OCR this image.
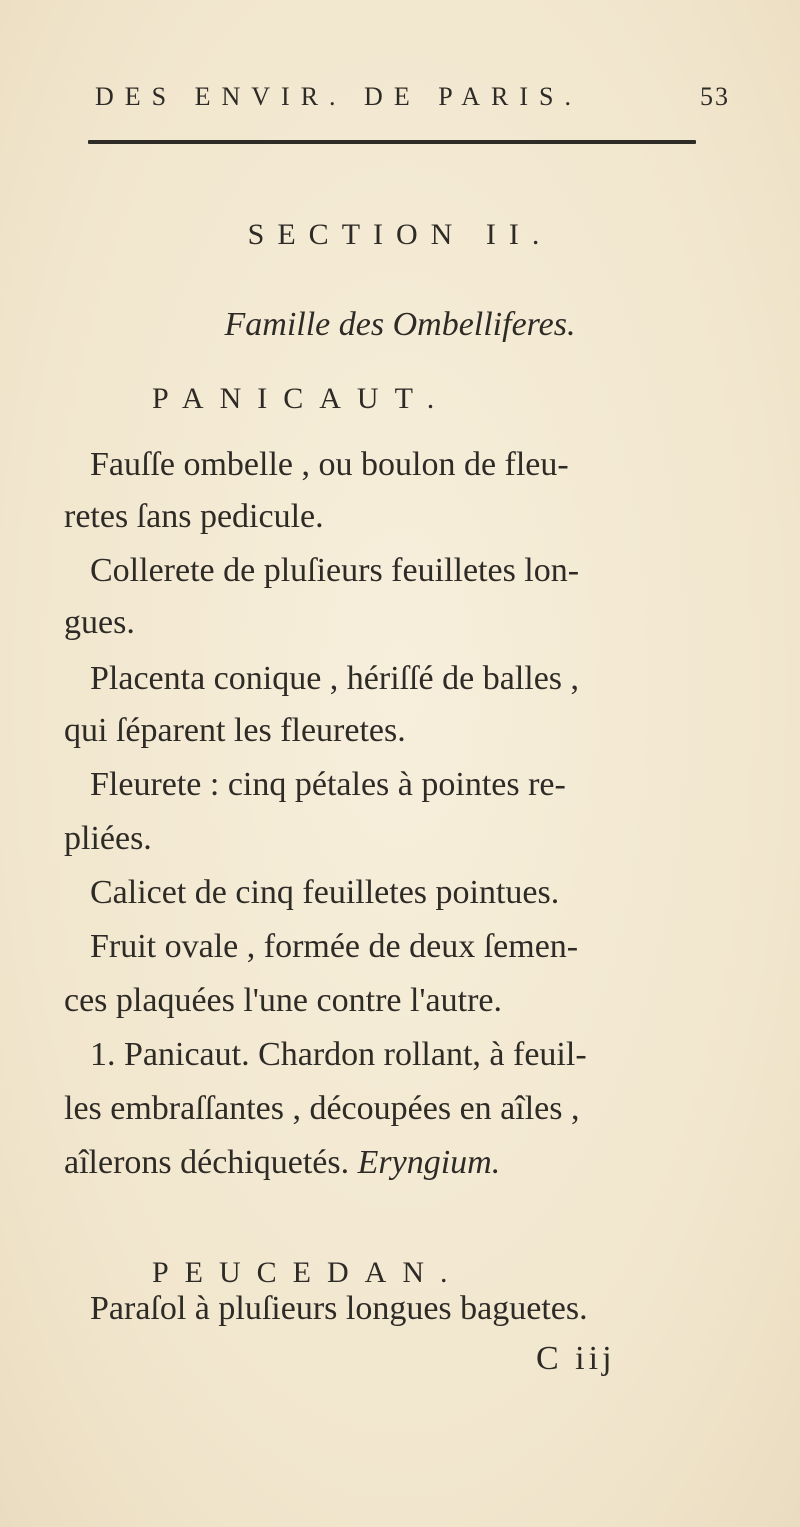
DES ENVIR. DE PARIS.	53
SECTION II.
Famille des Ombelliferes.
PANICAUT.
Fauſſe ombelle , ou boulon de fleu-
retes ſans pedicule.
Collerete de pluſieurs feuilletes lon-
gues.
Placenta conique , hériſſé de balles ,
qui ſéparent les fleuretes.
Fleurete : cinq pétales à pointes re-
pliées.
Calicet de cinq feuilletes pointues.
Fruit ovale , formée de deux ſemen-
ces plaquées l'une contre l'autre.
1. Panicaut. Chardon rollant, à feuil-
les embraſſantes , découpées en aîles ,
aîlerons déchiquetés. Eryngium.
PEUCEDAN.
Paraſol à pluſieurs longues baguetes.
C iij
